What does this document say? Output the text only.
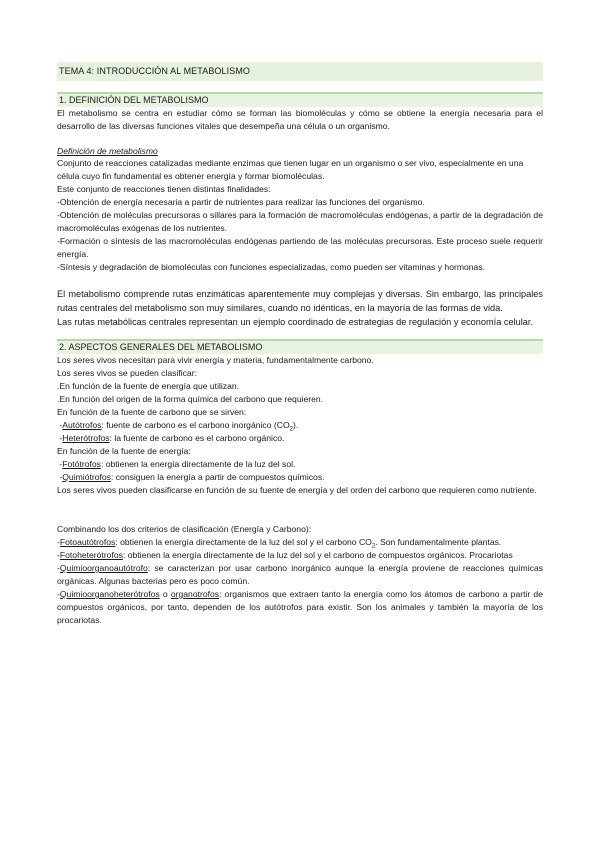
TEMA 4: INTRODUCCIÓN AL METABOLISMO
1. DEFINICIÓN DEL METABOLISMO

El metabolismo se centra en estudiar cómo se forman las biomoléculas y cómo se obtiene la energía necesaria para el desarrollo de las diversas funciones vitales que desempeña una célula o un organismo.

Definición de metabolismo

Conjunto de reacciones catalizadas mediante enzimas que tienen lugar en un organismo o ser vivo, especialmente en una célula cuyo fin fundamental es obtener energía y formar biomoléculas.

Este conjunto de reacciones tienen distintas finalidades:

-Obtención de energía necesaria a partir de nutrientes para realizar las funciones del organismo.

-Obtención de moléculas precursoras o sillares para la formación de macromoléculas endógenas, a partir de la degradación de macromoléculas exógenas de los nutrientes.

-Formación o síntesis de las macromoléculas endógenas partiendo de las moléculas precursoras. Este proceso suele requerir energía.

-Síntesis y degradación de biomoléculas con funciones especializadas, como pueden ser vitaminas y hormonas.

El metabolismo comprende rutas enzimáticas aparentemente muy complejas y diversas. Sin embargo, las principales rutas centrales del metabolismo son muy similares, cuando no idénticas, en la mayoría de las formas de vida.

Las rutas metabólicas centrales representan un ejemplo coordinado de estrategias de regulación y economía celular.

2. ASPECTOS GENERALES DEL METABOLISMO

Los seres vivos necesitan para vivir energía y materia, fundamentalmente carbono.

Los seres vivos se pueden clasificar:

.En función de la fuente de energía que utilizan.

.En función del origen de la forma química del carbono que requieren.

En función de la fuente de carbono que se sirven:

-Autótrofos: fuente de carbono es el carbono inorgánico $(CO_2)$.

-Heterótrofos: la fuente de carbono es el carbono orgánico.

En función de la fuente de energía:

-Fotótrofos: obtienen la energía directamente de la luz del sol.

-Quimiótrofos: consiguen la energía a partir de compuestos químicos.

Los seres vivos pueden clasificarse en función de su fuente de energía y del orden del carbono que requieren como nutriente.

Combinando los dos criterios de clasificación (Energía y Carbono):

-Fotoautótrofos: obtienen la energía directamente de la luz del sol y el carbono $CO_2$. Son fundamentalmente plantas.

-Fotoheterótrofos: obtienen la energía directamente de la luz del sol y el carbono de compuestos orgánicos. Procariotas

-Quimioorganoautótrofo: se caracterizan por usar carbono inorgánico aunque la energía proviene de reacciones químicas orgánicas. Algunas bacterias pero es poco común.

-Quimioorganoheterótrofos o organotrofos: organismos que extraen tanto la energía como los átomos de carbono a partir de compuestos orgánicos, por tanto, dependen de los autótrofos para existir. Son los animales y también la mayoría de los procariotas.
